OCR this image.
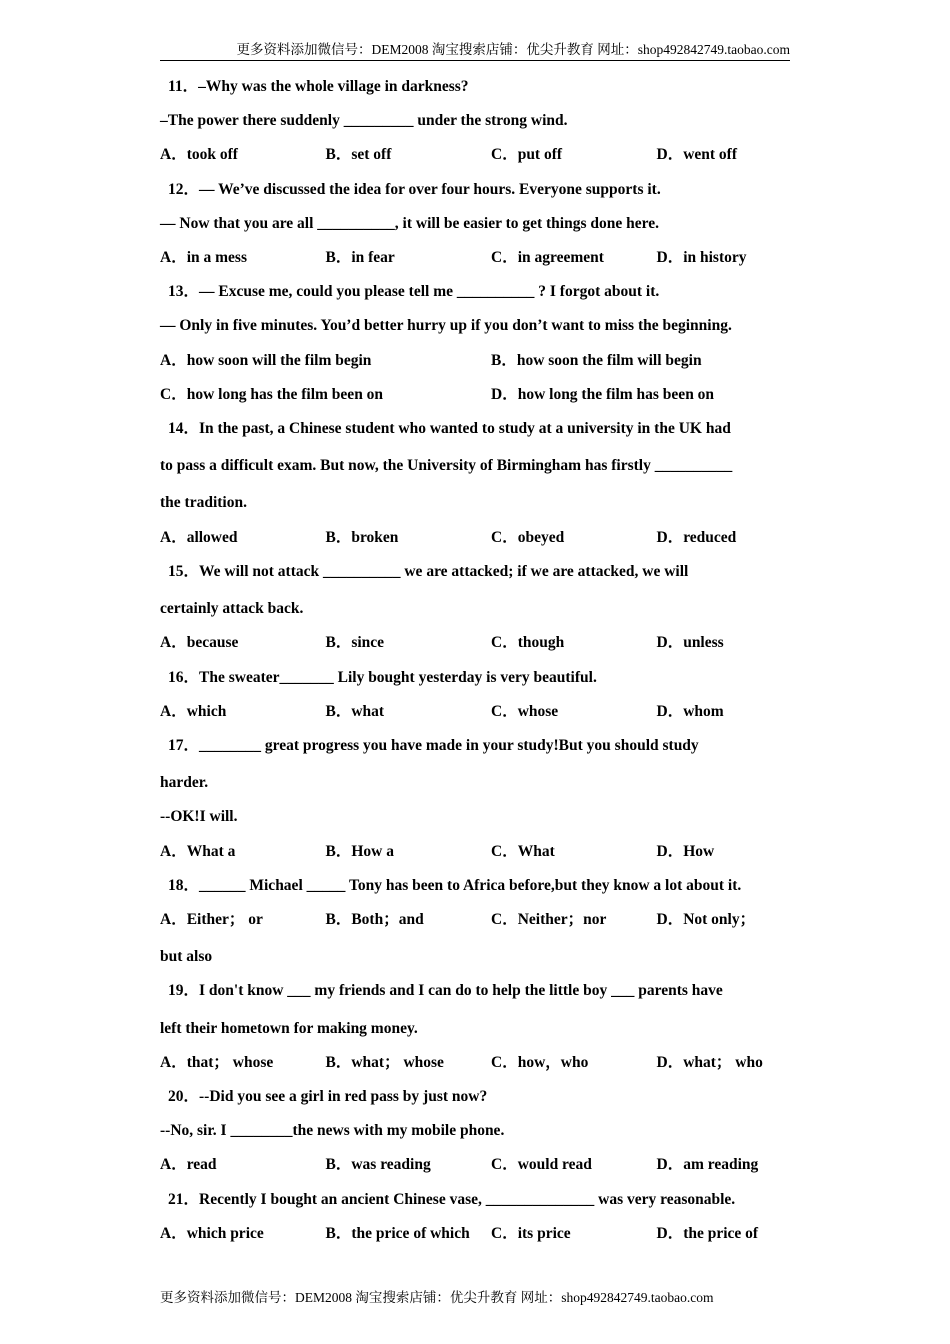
更多资料添加微信号：DEM2008 淘宝搜索店铺：优尖升教育 网址：shop492842749.taobao.com
11．–Why was the whole village in darkness?
–The power there suddenly _________ under the strong wind.
A．took off	B．set off	C．put off	D．went off
12．— We’ve discussed the idea for over four hours. Everyone supports it.
— Now that you are all __________, it will be easier to get things done here.
A．in a mess	B．in fear	C．in agreement	D．in history
13．— Excuse me, could you please tell me __________ ? I forgot about it.
— Only in five minutes. You’d better hurry up if you don’t want to miss the beginning.
A．how soon will the film begin	B．how soon the film will begin
C．how long has the film been on	D．how long the film has been on
14．In the past, a Chinese student who wanted to study at a university in the UK had
to pass a difficult exam. But now, the University of Birmingham has firstly __________
the tradition.
A．allowed	B．broken	C．obeyed	D．reduced
15．We will not attack __________ we are attacked; if we are attacked, we will
certainly attack back.
A．because	B．since	C．though	D．unless
16．The sweater_______ Lily bought yesterday is very beautiful.
A．which	B．what	C．whose	D．whom
17．________ great progress you have made in your study!But you should study
harder.
--OK!I will.
A．What a	B．How a	C．What	D．How
18．______ Michael _____ Tony has been to Africa before,but they know a lot about it.
A．Either； or	B．Both；and	C．Neither；nor	D．Not only；
but also
19．I don't know ___ my friends and I can do to help the little boy ___ parents have
left their hometown for making money.
A．that； whose	B．what； whose	C．how，who	D．what； who
20．--Did you see a girl in red pass by just now?
--No, sir. I ________the news with my mobile phone.
A．read	B．was reading	C．would read	D．am reading
21．Recently I bought an ancient Chinese vase, ______________ was very reasonable.
A．which price	B．the price of which	C．its price	D．the price of
更多资料添加微信号：DEM2008 淘宝搜索店铺：优尖升教育 网址：shop492842749.taobao.com
